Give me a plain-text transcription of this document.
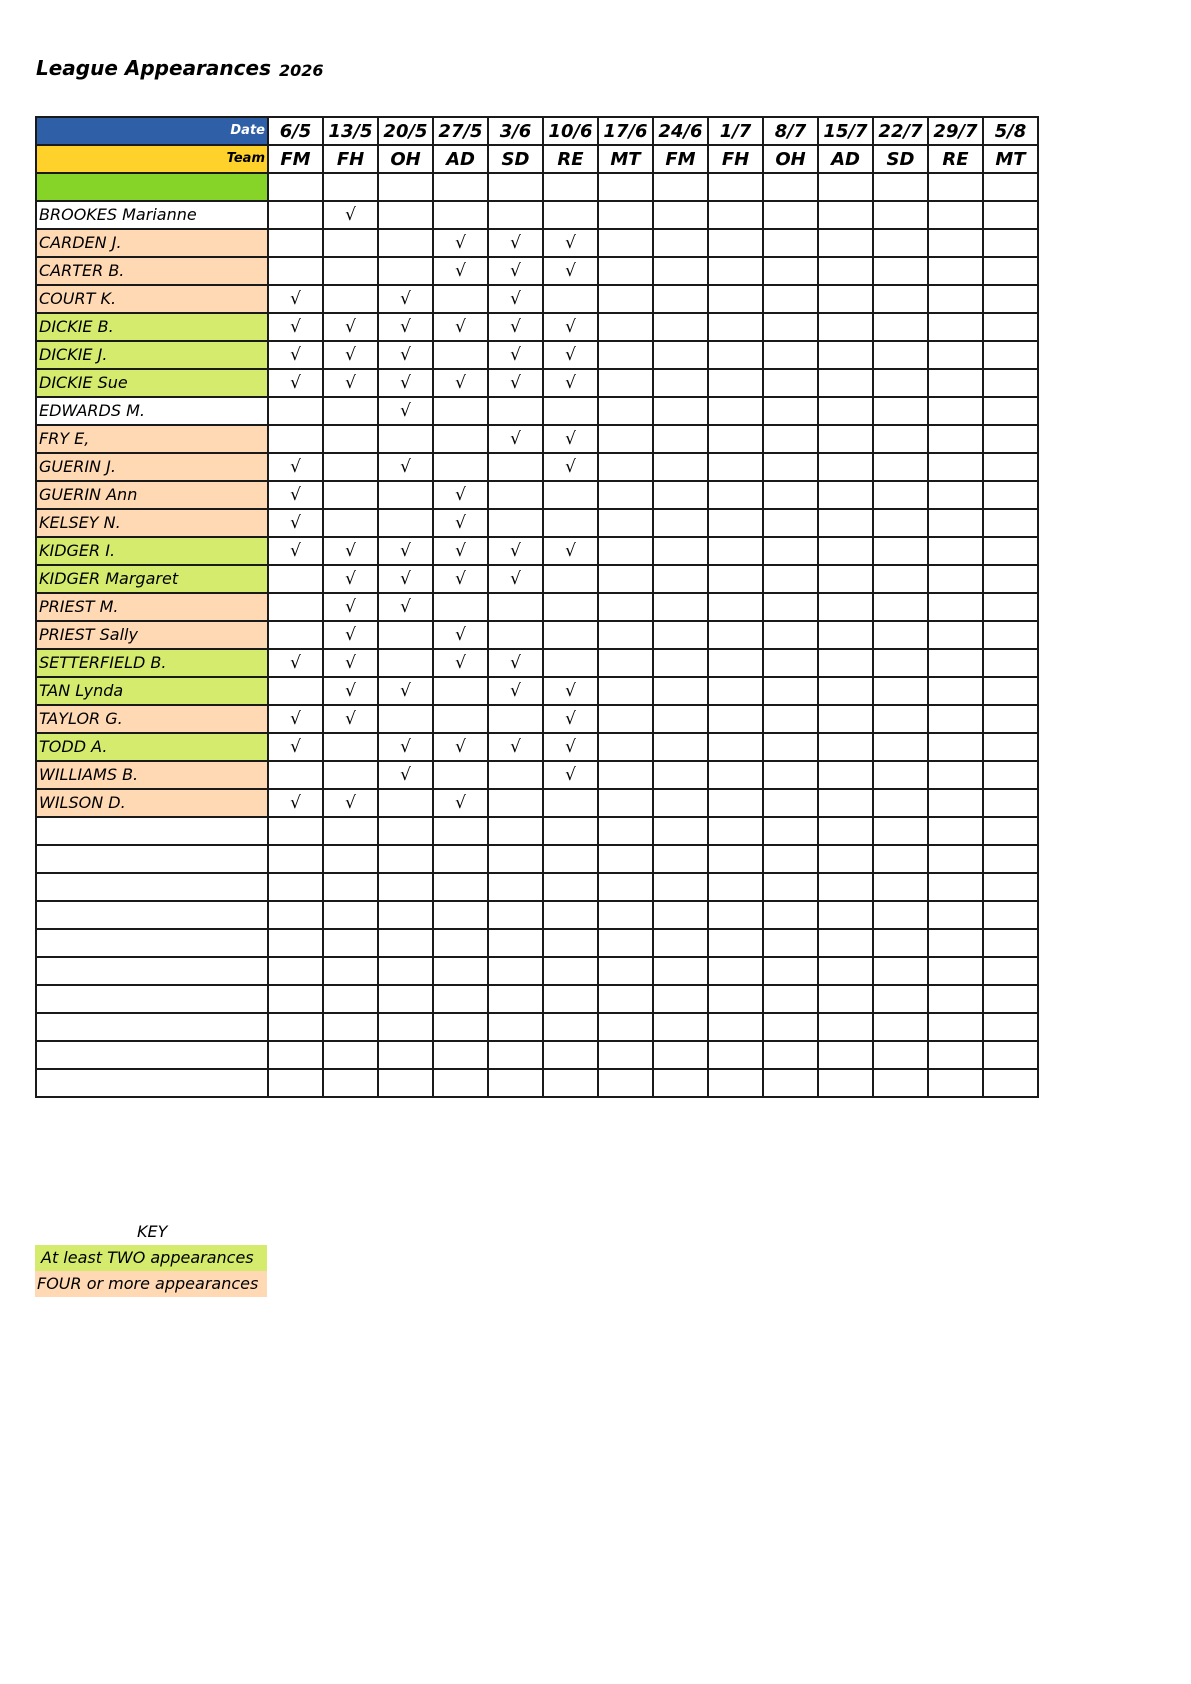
League Appearances 2026
Date	6/5	13/5	20/5	27/5	3/6	10/6	17/6	24/6	1/7	8/7	15/7	22/7	29/7	5/8
Team	FM	FH	OH	AD	SD	RE	MT	FM	FH	OH	AD	SD	RE	MT

BROOKES Marianne		√												
CARDEN J.				√	√	√								
CARTER B.				√	√	√								
COURT K.	√		√		√									
DICKIE B.	√	√	√	√	√	√								
DICKIE J.	√	√	√		√	√								
DICKIE Sue	√	√	√	√	√	√								
EDWARDS M.			√											
FRY E,					√	√								
GUERIN J.	√		√			√								
GUERIN Ann	√			√										
KELSEY N.	√			√										
KIDGER I.	√	√	√	√	√	√								
KIDGER Margaret		√	√	√	√									
PRIEST M.		√	√											
PRIEST Sally		√		√										
SETTERFIELD B.	√	√		√	√									
TAN Lynda		√	√		√	√								
TAYLOR G.	√	√				√								
TODD A.	√		√	√	√	√								
WILLIAMS B.			√			√								
WILSON D.	√	√		√										

KEY
At least TWO appearances
FOUR or more appearances
